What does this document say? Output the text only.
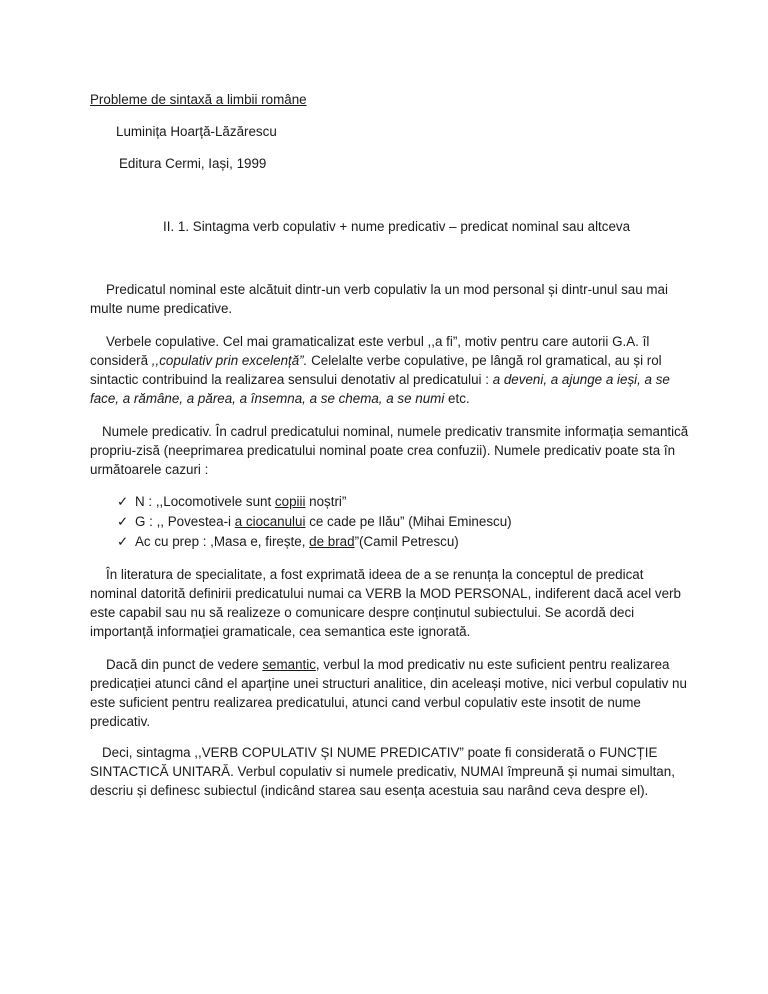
Probleme de sintaxă a limbii române
Luminița Hoarță-Lăzărescu
Editura Cermi, Iași, 1999
II. 1. Sintagma verb copulativ + nume predicativ – predicat nominal sau altceva
Predicatul nominal este alcătuit dintr-un verb copulativ la un mod personal și dintr-unul sau mai multe nume predicative.
Verbele copulative. Cel mai gramaticalizat este verbul ,,a fi”, motiv pentru care autorii G.A. îl consideră ,,copulativ prin excelență”. Celelalte verbe copulative, pe lângă rol gramatical, au și rol sintactic contribuind la realizarea sensului denotativ al predicatului : a deveni, a ajunge a ieși, a se face, a rămâne, a părea, a însemna, a se chema, a se numi etc.
Numele predicativ. În cadrul predicatului nominal, numele predicativ transmite informația semantică propriu-zisă (neeprimarea predicatului nominal poate crea confuzii). Numele predicativ poate sta în următoarele cazuri :
✓ N : ,,Locomotivele sunt copiii noștri”
✓ G : ,, Povestea-i a ciocanului ce cade pe Ilău” (Mihai Eminescu)
✓ Ac cu prep : ,Masa e, firește, de brad”(Camil Petrescu)
În literatura de specialitate, a fost exprimată ideea de a se renunța la conceptul de predicat nominal datorită definirii predicatului numai ca VERB la MOD PERSONAL, indiferent dacă acel verb este capabil sau nu să realizeze o comunicare despre conținutul subiectului. Se acordă deci importanță informației gramaticale, cea semantica este ignorată.
Dacă din punct de vedere semantic, verbul la mod predicativ nu este suficient pentru realizarea predicației atunci când el aparține unei structuri analitice, din aceleași motive, nici verbul copulativ nu este suficient pentru realizarea predicatului, atunci cand verbul copulativ este insotit de nume predicativ.
Deci, sintagma ,,VERB COPULATIV ȘI NUME PREDICATIV” poate fi considerată o FUNCȚIE SINTACTICĂ UNITARĂ. Verbul copulativ si numele predicativ, NUMAI împreună și numai simultan, descriu și definesc subiectul (indicând starea sau esența acestuia sau narând ceva despre el).
